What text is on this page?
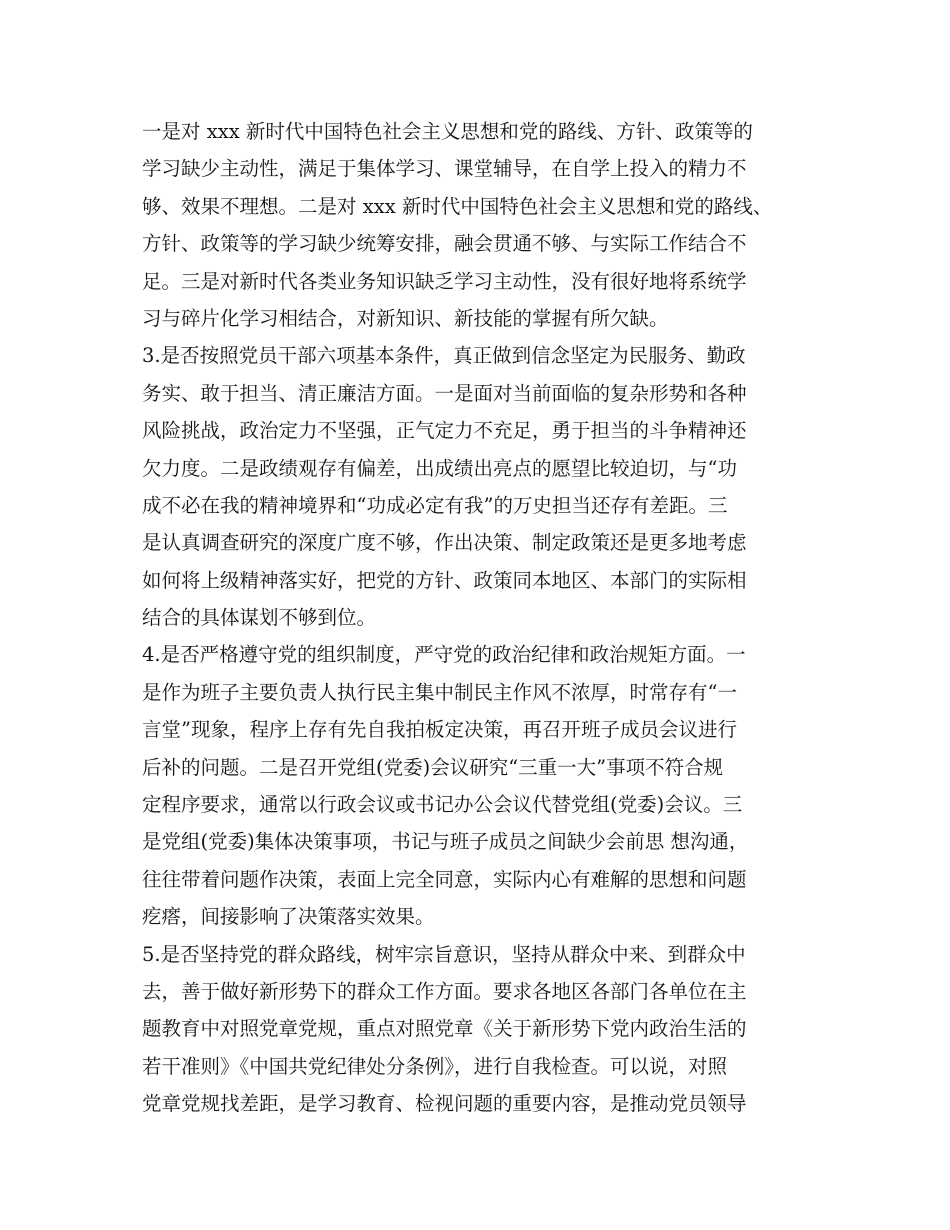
一是对 xxx 新时代中国特色社会主义思想和党的路线、方针、政策等的
学习缺少主动性，满足于集体学习、课堂辅导，在自学上投入的精力不
够、效果不理想。二是对 xxx 新时代中国特色社会主义思想和党的路线、
方针、政策等的学习缺少统筹安排，融会贯通不够、与实际工作结合不
足。三是对新时代各类业务知识缺乏学习主动性，没有很好地将系统学
习与碎片化学习相结合，对新知识、新技能的掌握有所欠缺。
3.是否按照党员干部六项基本条件，真正做到信念坚定为民服务、勤政
务实、敢于担当、清正廉洁方面。一是面对当前面临的复杂形势和各种
风险挑战，政治定力不坚强，正气定力不充足，勇于担当的斗争精神还
欠力度。二是政绩观存有偏差，出成绩出亮点的愿望比较迫切，与“功
成不必在我的精神境界和“功成必定有我”的万史担当还存有差距。三
是认真调查研究的深度广度不够，作出决策、制定政策还是更多地考虑
如何将上级精神落实好，把党的方针、政策同本地区、本部门的实际相
结合的具体谋划不够到位。
4.是否严格遵守党的组织制度，严守党的政治纪律和政治规矩方面。一
是作为班子主要负责人执行民主集中制民主作风不浓厚，时常存有“一
言堂”现象，程序上存有先自我拍板定决策，再召开班子成员会议进行
后补的问题。二是召开党组(党委)会议研究“三重一大”事项不符合规
定程序要求，通常以行政会议或书记办公会议代替党组(党委)会议。三
是党组(党委)集体决策事项，书记与班子成员之间缺少会前思 想沟通，
往往带着问题作决策，表面上完全同意，实际内心有难解的思想和问题
疙瘩，间接影响了决策落实效果。
5.是否坚持党的群众路线，树牢宗旨意识，坚持从群众中来、到群众中
去，善于做好新形势下的群众工作方面。要求各地区各部门各单位在主
题教育中对照党章党规，重点对照党章《关于新形势下党内政治生活的
若干准则》《中国共党纪律处分条例》，进行自我检查。可以说，对照
党章党规找差距，是学习教育、检视问题的重要内容，是推动党员领导
